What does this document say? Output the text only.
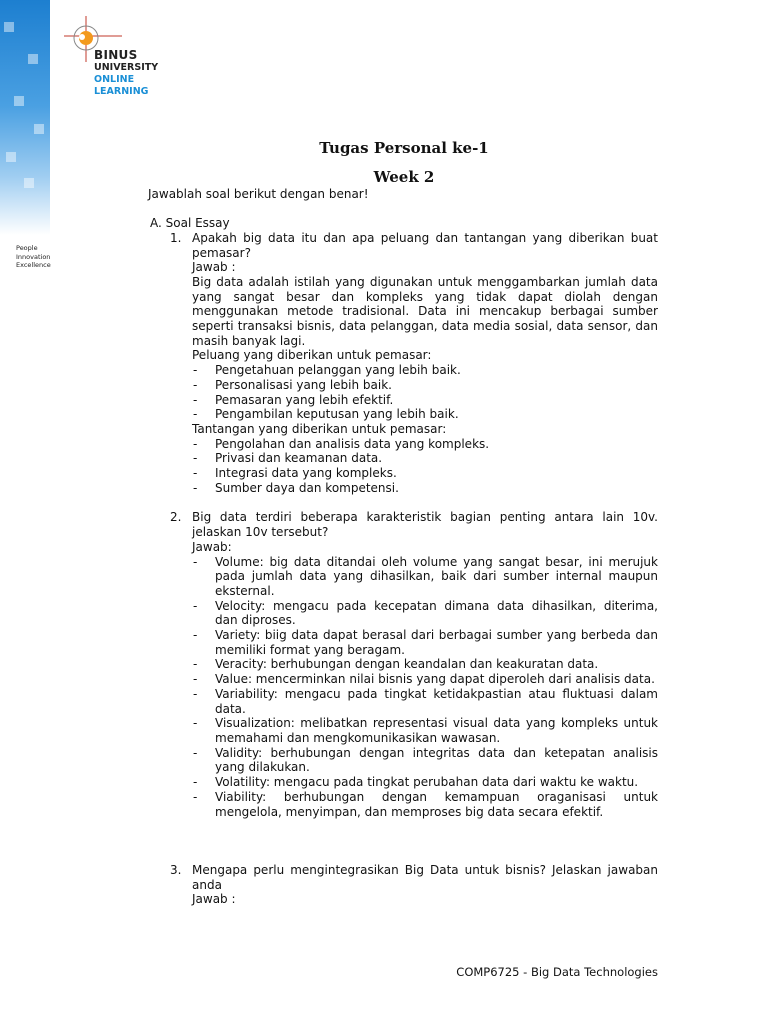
BINUS
UNIVERSITY
ONLINE
LEARNING
People
Innovation
Excellence
Tugas Personal ke-1
Week 2
Jawablah soal berikut dengan benar!
A. Soal Essay
1. Apakah big data itu dan apa peluang dan tantangan yang diberikan buat
pemasar?
Jawab :
Big data adalah istilah yang digunakan untuk menggambarkan jumlah data
yang sangat besar dan kompleks yang tidak dapat diolah dengan
menggunakan metode tradisional. Data ini mencakup berbagai sumber
seperti transaksi bisnis, data pelanggan, data media sosial, data sensor, dan
masih banyak lagi.
Peluang yang diberikan untuk pemasar:
- Pengetahuan pelanggan yang lebih baik.
- Personalisasi yang lebih baik.
- Pemasaran yang lebih efektif.
- Pengambilan keputusan yang lebih baik.
Tantangan yang diberikan untuk pemasar:
- Pengolahan dan analisis data yang kompleks.
- Privasi dan keamanan data.
- Integrasi data yang kompleks.
- Sumber daya dan kompetensi.
2. Big data terdiri beberapa karakteristik bagian penting antara lain 10v.
jelaskan 10v tersebut?
Jawab:
- Volume: big data ditandai oleh volume yang sangat besar, ini merujuk
pada jumlah data yang dihasilkan, baik dari sumber internal maupun
eksternal.
- Velocity: mengacu pada kecepatan dimana data dihasilkan, diterima,
dan diproses.
- Variety: biig data dapat berasal dari berbagai sumber yang berbeda dan
memiliki format yang beragam.
- Veracity: berhubungan dengan keandalan dan keakuratan data.
- Value: mencerminkan nilai bisnis yang dapat diperoleh dari analisis data.
- Variability: mengacu pada tingkat ketidakpastian atau fluktuasi dalam
data.
- Visualization: melibatkan representasi visual data yang kompleks untuk
memahami dan mengkomunikasikan wawasan.
- Validity: berhubungan dengan integritas data dan ketepatan analisis
yang dilakukan.
- Volatility: mengacu pada tingkat perubahan data dari waktu ke waktu.
- Viability: berhubungan dengan kemampuan oraganisasi untuk
mengelola, menyimpan, dan memproses big data secara efektif.
3. Mengapa perlu mengintegrasikan Big Data untuk bisnis? Jelaskan jawaban
anda
Jawab :
COMP6725 - Big Data Technologies
